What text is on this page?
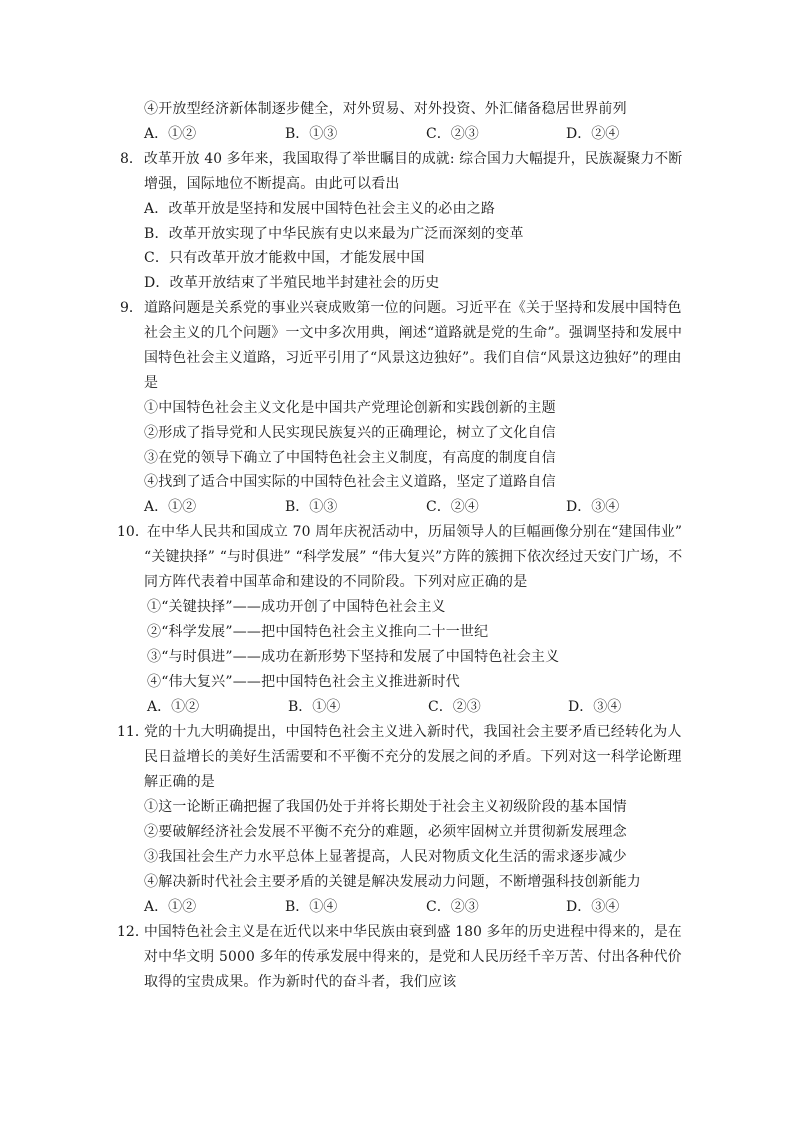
④开放型经济新体制逐步健全，对外贸易、对外投资、外汇储备稳居世界前列
A．①②	B．①③	C．②③	D．②④
8． 改革开放 40 多年来，我国取得了举世瞩目的成就: 综合国力大幅提升，民族凝聚力不断
增强，国际地位不断提高。由此可以看出
A．改革开放是坚持和发展中国特色社会主义的必由之路
B．改革开放实现了中华民族有史以来最为广泛而深刻的变革
C．只有改革开放才能救中国，才能发展中国
D．改革开放结束了半殖民地半封建社会的历史
9． 道路问题是关系党的事业兴衰成败第一位的问题。习近平在《关于坚持和发展中国特色
社会主义的几个问题》一文中多次用典，阐述“道路就是党的生命”。强调坚持和发展中
国特色社会主义道路，习近平引用了“风景这边独好”。我们自信“风景这边独好”的理由
是
①中国特色社会主义文化是中国共产党理论创新和实践创新的主题
②形成了指导党和人民实现民族复兴的正确理论，树立了文化自信
③在党的领导下确立了中国特色社会主义制度，有高度的制度自信
④找到了适合中国实际的中国特色社会主义道路，坚定了道路自信
A．①②	B．①③	C．②④	D．③④
10．
在中华人民共和国成立 70 周年庆祝活动中，历届领导人的巨幅画像分别在“建国伟业”
“关键抉择” “与时俱进” “科学发展” “伟大复兴”方阵的簇拥下依次经过天安门广场，不
同方阵代表着中国革命和建设的不同阶段。下列对应正确的是
①“关键抉择”——成功开创了中国特色社会主义
②“科学发展”——把中国特色社会主义推向二十一世纪
③“与时俱进”——成功在新形势下坚持和发展了中国特色社会主义
④“伟大复兴”——把中国特色社会主义推进新时代
A．①②	B．①④	C．②③	D．③④
11．
党的十九大明确提出，中国特色社会主义进入新时代，我国社会主要矛盾已经转化为人
民日益增长的美好生活需要和不平衡不充分的发展之间的矛盾。下列对这一科学论断理
解正确的是
①这一论断正确把握了我国仍处于并将长期处于社会主义初级阶段的基本国情
②要破解经济社会发展不平衡不充分的难题，必须牢固树立并贯彻新发展理念
③我国社会生产力水平总体上显著提高，人民对物质文化生活的需求逐步减少
④解决新时代社会主要矛盾的关键是解决发展动力问题，不断增强科技创新能力
A．①②	B．①④	C．②③	D．③④
12．
中国特色社会主义是在近代以来中华民族由衰到盛 180 多年的历史进程中得来的，是在
对中华文明 5000 多年的传承发展中得来的，是党和人民历经千辛万苦、付出各种代价
取得的宝贵成果。作为新时代的奋斗者，我们应该
